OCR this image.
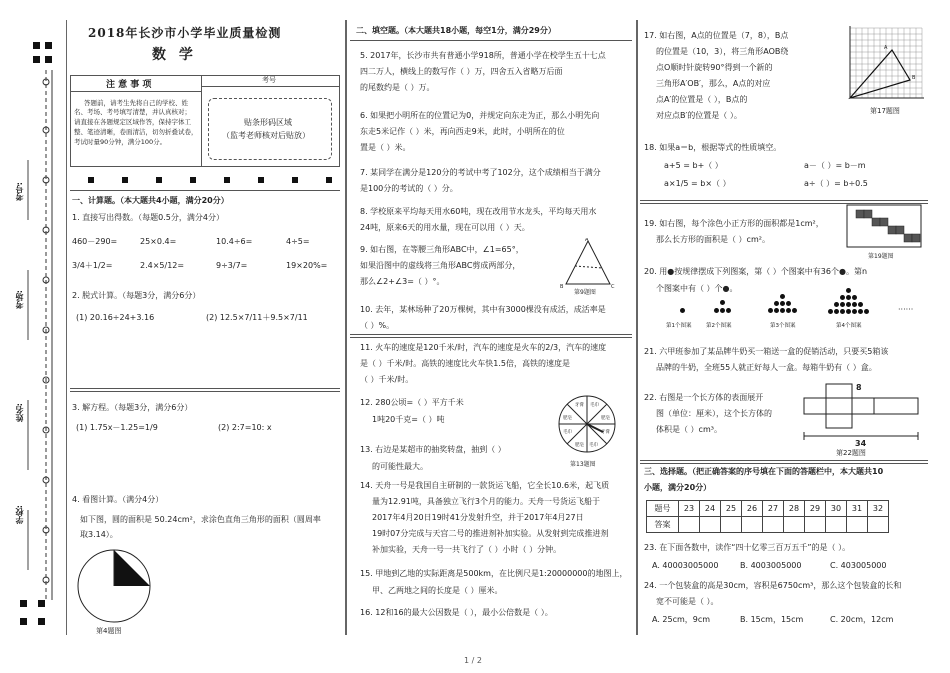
考号:
考场:
姓名:
学校:
2018年长沙市小学毕业质量检测
数 学
注 意 事 项	考号
答题前，请考生先将自己的学校、姓
名、考场、考号填写清楚，并认真核对；
请直接在各题规定区域作答，保持字体工
整、笔迹清晰，卷面清洁，切勿折叠试卷，
考试时量90分钟，满分100分。
贴条形码区域
（监考老师核对后贴放）
一、计算题。（本大题共4小题，满分20分）
1. 直接写出得数。（每题0.5分，满分4分）
460－290=	25×0.4=	10.4÷6=	4÷5=
3/4＋1/2=	2.4×5/12=	9÷3/7=	19×20%=
2. 脱式计算。（每题3分，满分6分）
(1) 20.16÷24+3.16	(2) 12.5×7/11＋9.5×7/11
3. 解方程。（每题3分，满分6分）
(1) 1.75x－1.25=1/9	(2) 2:7=10: x
4. 看图计算。（满分4分）
如下图，圆的面积是 50.24cm²，求涂色直角三角形的面积（圆周率
取3.14）。
第4题图
二、填空题。（本大题共18小题，每空1分，满分29分）
5. 2017年，长沙市共有普通小学918所，普通小学在校学生五十七点
四二万人，横线上的数写作（ ）万，四舍五入省略万后面
的尾数约是（ ）万。
6. 如果把小明所在的位置记为0，并规定向东走为正，那么小明先向
东走5米记作（ ）米，再向西走9米，此时，小明所在的位
置是（ ）米。
7. 某同学在满分是120分的考试中考了102分，这个成绩相当于满分
是100分的考试的（ ）分。
8. 学校原来平均每天用水60吨，现在改用节水龙头，平均每天用水
24吨，原来6天的用水量，现在可以用（ ）天。
9. 如右图，在等腰三角形ABC中，∠1=65°，
如果沿图中的虚线将三角形ABC剪成两部分，
那么∠2+∠3=（ ）°。
A
B	C
第9题图
10. 去年，某林场种了20万棵树，其中有3000棵没有成活，成活率是
（ ）%。
11. 火车的速度是120千米/时，汽车的速度是火车的2/3，汽车的速度
是（ ）千米/时。高铁的速度比火车快1.5倍，高铁的速度是
（ ）千米/时。
12. 280公顷=（ ）平方千米
1吨20千克=（ ）吨
13. 右边是某超市的抽奖转盘，抽到（ ）
的可能性最大。
毛巾
肥皂
牙膏
毛巾
肥皂
毛巾
肥皂
牙膏
第13题图
14. 天舟一号是我国自主研制的一款货运飞船，它全长10.6米，起飞质
量为12.91吨，具备独立飞行3个月的能力。天舟一号货运飞船于
2017年4月20日19时41分发射升空，并于2017年4月27日
19时07分完成与天宫二号的推进剂补加实验。从发射到完成推进剂
补加实验，天舟一号一共飞行了（ ）小时（ ）分钟。
15. 甲地到乙地的实际距离是500km，在比例尺是1:20000000的地图上，
甲、乙两地之间的长度是（ ）厘米。
16. 12和16的最大公因数是（ ），最小公倍数是（ ）。
17. 如右图，A点的位置是（7，8），B点
的位置是（10，3），将三角形AOB绕
点O顺时针旋转90°得到一个新的
三角形A′OB′，那么，A点的对应
点A′的位置是（ ），B点的
对应点B′的位置是（ ）。
A
B
第17题图
18. 如果a＝b，根据等式的性质填空。
a+5 = b+（ ）	a－（ ）= b－m
a×1/5 = b×（ ）	a÷（ ）= b÷0.5
19. 如右图，每个涂色小正方形的面积都是1cm²，
那么长方形的面积是（ ）cm²。
第19题图
20. 用●按规律摆成下列图案，第（ ）个图案中有36个●。第n
个图案中有（ ）个●。
······
第1个图案	第2个图案	第3个图案	第4个图案
21. 六甲班参加了某品牌牛奶买一箱送一盒的促销活动，只要买5箱该
品牌的牛奶，全班55人就正好每人一盒。每箱牛奶有（ ）盒。
22. 右图是一个长方体的表面展开
图（单位：厘米），这个长方体的
体积是（ ）cm³。
8
34
第22题图
三、选择题。（把正确答案的序号填在下面的答题栏中，本大题共10
小题，满分20分）
题号	23	24	25	26	27	28	29	30	31	32
答案										
23. 在下面各数中，读作“四十亿零三百万五千”的是（ ）。
A. 40003005000	B. 4003005000	C. 403005000
24. 一个包装盒的高是30cm，容积是6750cm³，那么这个包装盒的长和
宽不可能是（ ）。
A. 25cm，9cm	B. 15cm，15cm	C. 20cm，12cm
1 / 2
